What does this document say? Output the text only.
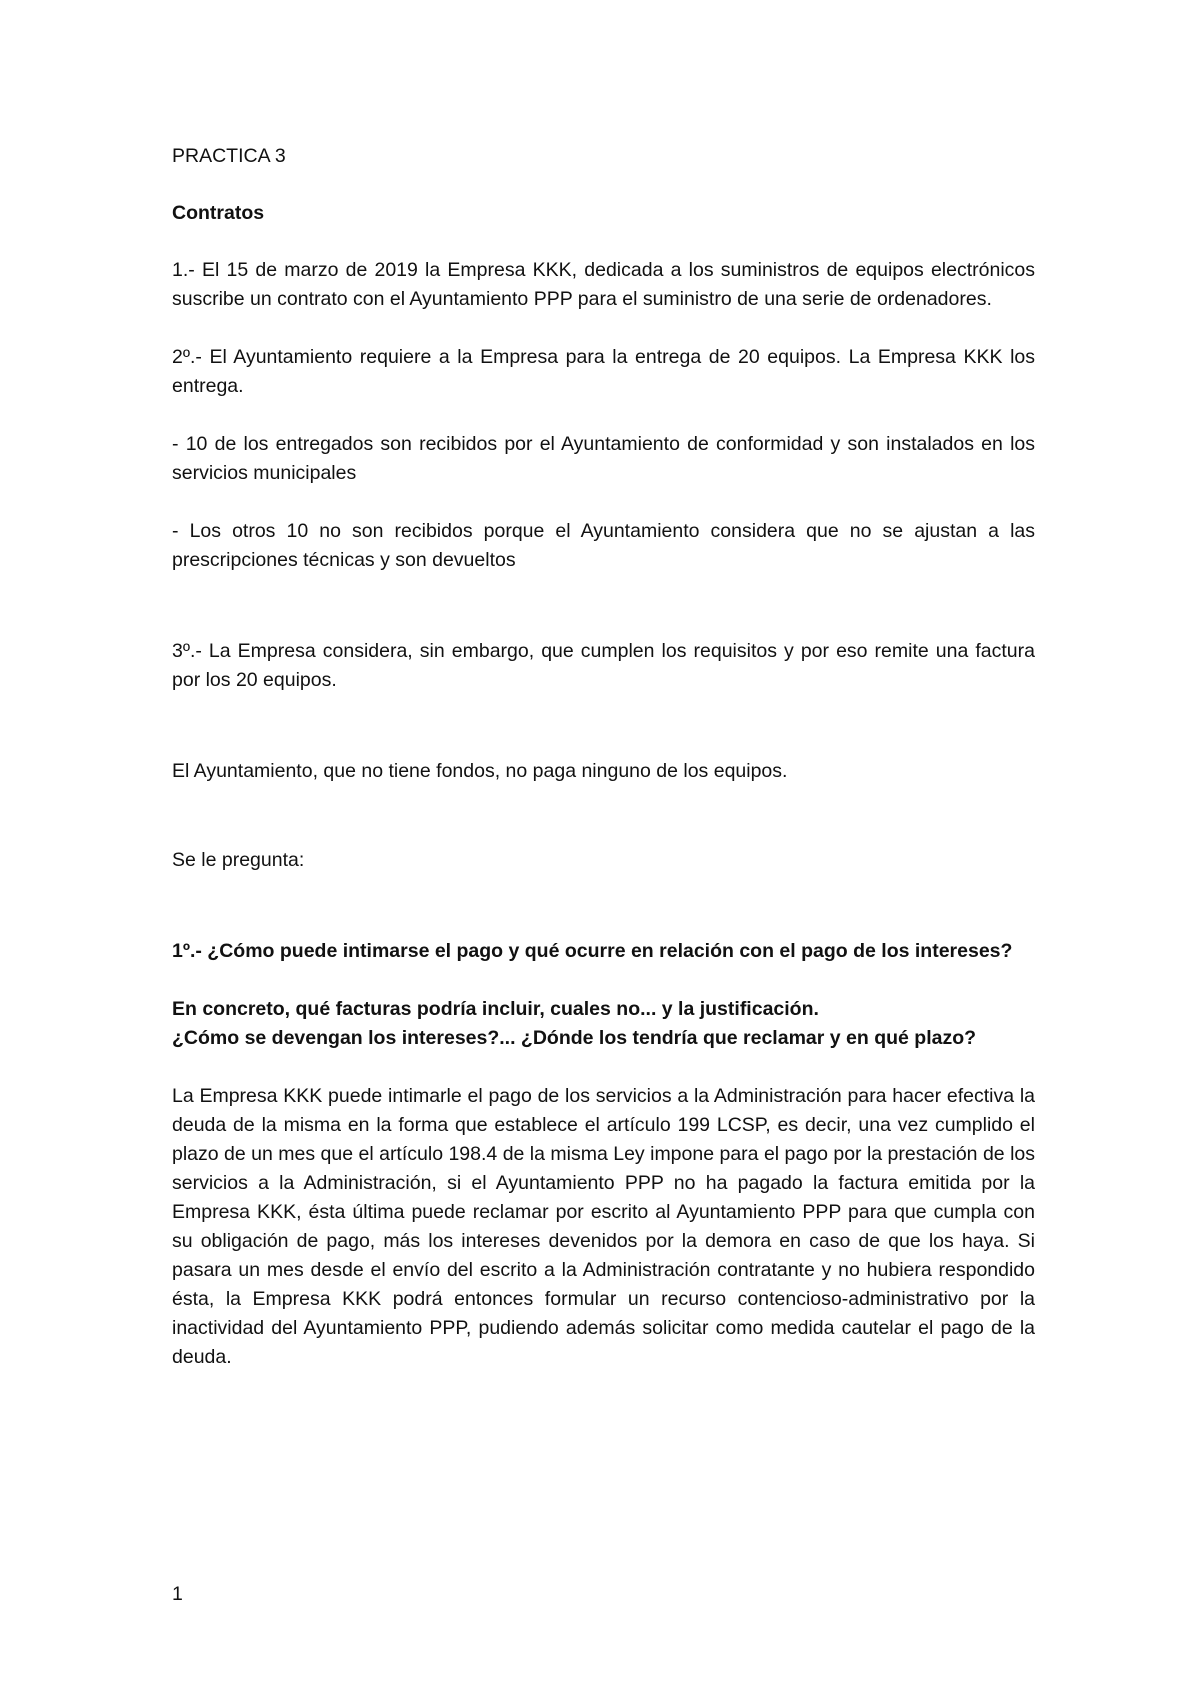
PRACTICA 3

Contratos

1.- El 15 de marzo de 2019 la Empresa KKK, dedicada a los suministros de equipos electrónicos suscribe un contrato con el Ayuntamiento PPP para el suministro de una serie de ordenadores.

2º.- El Ayuntamiento requiere a la Empresa para la entrega de 20 equipos. La Empresa KKK los entrega.

- 10 de los entregados son recibidos por el Ayuntamiento de conformidad y son instalados en los servicios municipales

- Los otros 10 no son recibidos porque el Ayuntamiento considera que no se ajustan a las prescripciones técnicas y son devueltos

3º.- La Empresa considera, sin embargo, que cumplen los requisitos y por eso remite una factura por los 20 equipos.

El Ayuntamiento, que no tiene fondos, no paga ninguno de los equipos.

Se le pregunta:

1º.- ¿Cómo puede intimarse el pago y qué ocurre en relación con el pago de los intereses?

En concreto, qué facturas podría incluir, cuales no... y la justificación.

¿Cómo se devengan los intereses?... ¿Dónde los tendría que reclamar y en qué plazo?

La Empresa KKK puede intimarle el pago de los servicios a la Administración para hacer efectiva la deuda de la misma en la forma que establece el artículo 199 LCSP, es decir, una vez cumplido el plazo de un mes que el artículo 198.4 de la misma Ley impone para el pago por la prestación de los servicios a la Administración, si el Ayuntamiento PPP no ha pagado la factura emitida por la Empresa KKK, ésta última puede reclamar por escrito al Ayuntamiento PPP para que cumpla con su obligación de pago, más los intereses devenidos por la demora en caso de que los haya. Si pasara un mes desde el envío del escrito a la Administración contratante y no hubiera respondido ésta, la Empresa KKK podrá entonces formular un recurso contencioso-administrativo por la inactividad del Ayuntamiento PPP, pudiendo además solicitar como medida cautelar el pago de la deuda.

1
